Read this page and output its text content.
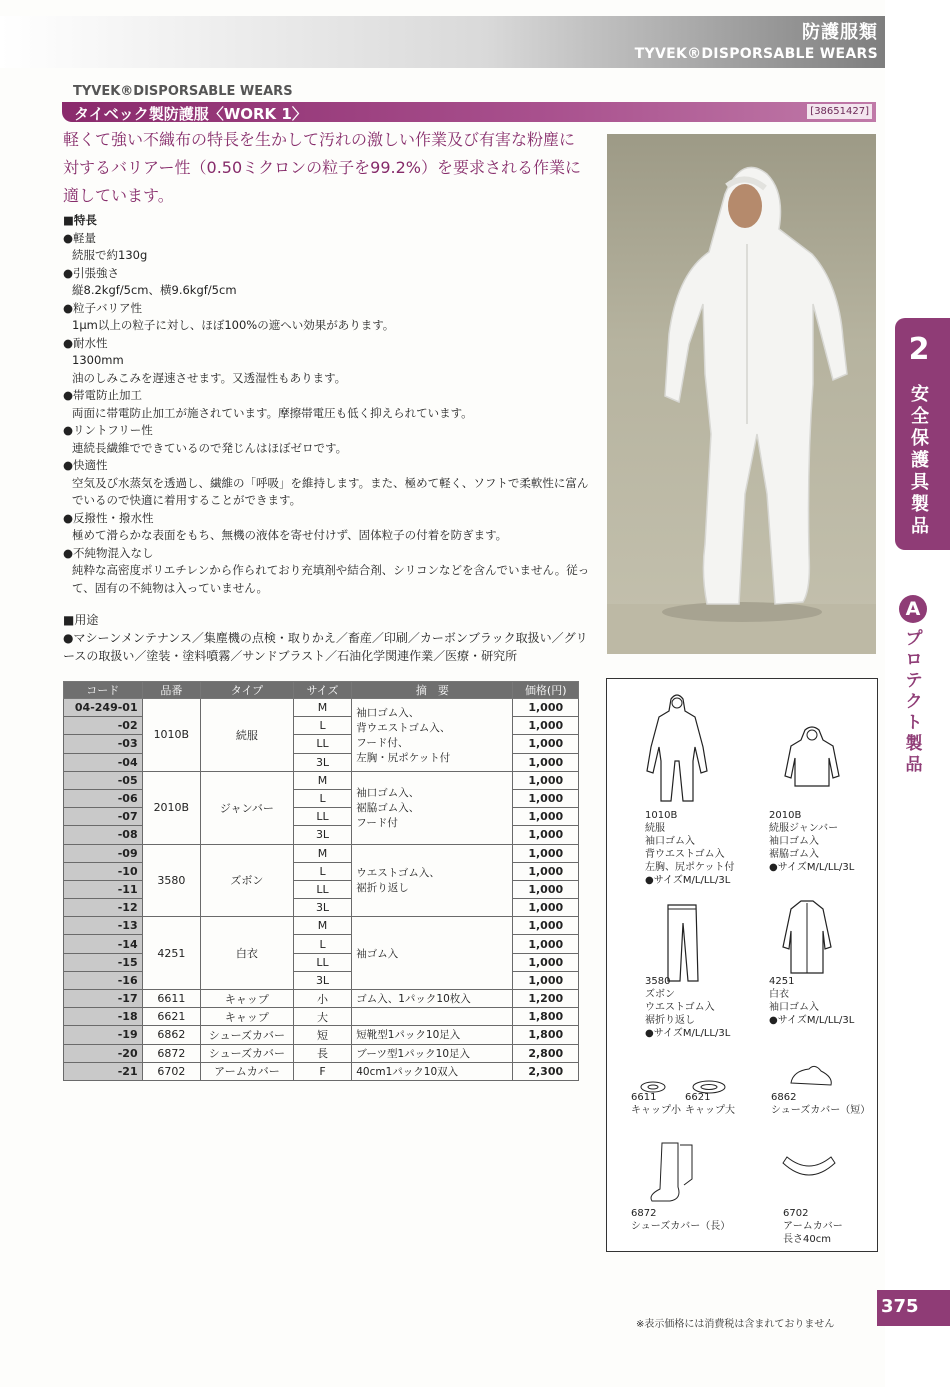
防護服類
TYVEK®DISPORSABLE WEARS
TYVEK®DISPORSABLE WEARS
タイベック製防護服〈WORK 1〉	[38651427]
軽くて強い不織布の特長を生かして汚れの激しい作業及び有害な粉塵に対するバリアー性（0.50ミクロンの粒子を99.2%）を要求される作業に適しています。
■特長
●軽量
続服で約130g
●引張強さ
縦8.2kgf/5cm、横9.6kgf/5cm
●粒子バリア性
1μm以上の粒子に対し、ほぼ100%の遮へい効果があります。
●耐水性
1300mm
油のしみこみを遅速させます。又透湿性もあります。
●帯電防止加工
両面に帯電防止加工が施されています。摩擦帯電圧も低く抑えられています。
●リントフリー性
連続長繊維でできているので発じんはほぼゼロです。
●快適性
空気及び水蒸気を透過し、繊維の「呼吸」を維持します。また、極めて軽く、ソフトで柔軟性に富んでいるので快適に着用することができます。
●反撥性・撥水性
極めて滑らかな表面をもち、無機の液体を寄せ付けず、固体粒子の付着を防ぎます。
●不純物混入なし
純粋な高密度ポリエチレンから作られており充填剤や結合剤、シリコンなどを含んでいません。従って、固有の不純物は入っていません。
■用途
●マシーンメンテナンス／集塵機の点検・取りかえ／畜産／印刷／カーボンブラック取扱い／グリースの取扱い／塗装・塗料噴霧／サンドブラスト／石油化学関連作業／医療・研究所
コード	品番	タイプ	サイズ	摘　要	価格(円)
04-249-01	1010B	続服	M	袖口ゴム入、
背ウエストゴム入、
フード付、
左胸・尻ポケット付	1,000
-02			L		1,000
-03			LL		1,000
-04			3L		1,000
-05	2010B	ジャンバー	M	袖口ゴム入、
裾脇ゴム入、
フード付	1,000
-06			L		1,000
-07			LL		1,000
-08			3L		1,000
-09	3580	ズボン	M	ウエストゴム入、
裾折り返し	1,000
-10			L		1,000
-11			LL		1,000
-12			3L		1,000
-13	4251	白衣	M	袖ゴム入	1,000
-14			L		1,000
-15			LL		1,000
-16			3L		1,000
-17	6611	キャップ	小	ゴム入、1パック10枚入	1,200
-18	6621	キャップ	大		1,800
-19	6862	シューズカバー	短	短靴型1パック10足入	1,800
-20	6872	シューズカバー	長	ブーツ型1パック10足入	2,800
-21	6702	アームカバー	F	40cm1パック10双入	2,300
1010B
続服
袖口ゴム入
背ウエストゴム入
左胸、尻ポケット付
●サイズM/L/LL/3L
2010B
続服ジャンバー
袖口ゴム入
裾脇ゴム入
●サイズM/L/LL/3L
3580
ズボン
ウエストゴム入
裾折り返し
●サイズM/L/LL/3L
4251
白衣
袖口ゴム入
●サイズM/L/LL/3L
6611
キャップ小
6621
キャップ大
6862
シューズカバー（短）
6872
シューズカバー（長）
6702
アームカバー
長さ40cm
2
安全保護具製品
A
プロテクト製品
375
※表示価格には消費税は含まれておりません
